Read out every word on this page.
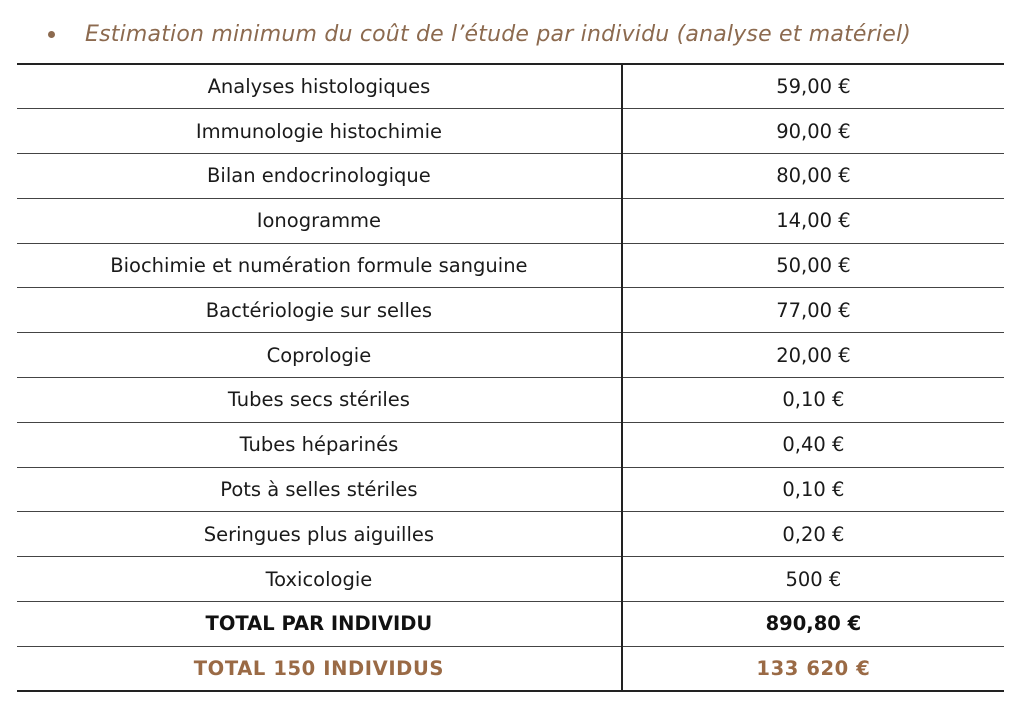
Estimation minimum du coût de l’étude par individu (analyse et matériel)
Analyses histologiques	59,00 €
Immunologie histochimie	90,00 €
Bilan endocrinologique	80,00 €
Ionogramme	14,00 €
Biochimie et numération formule sanguine	50,00 €
Bactériologie sur selles	77,00 €
Coprologie	20,00 €
Tubes secs stériles	0,10 €
Tubes héparinés	0,40 €
Pots à selles stériles	0,10 €
Seringues plus aiguilles	0,20 €
Toxicologie	500 €
TOTAL PAR INDIVIDU	890,80 €
TOTAL 150 INDIVIDUS	133 620 €
